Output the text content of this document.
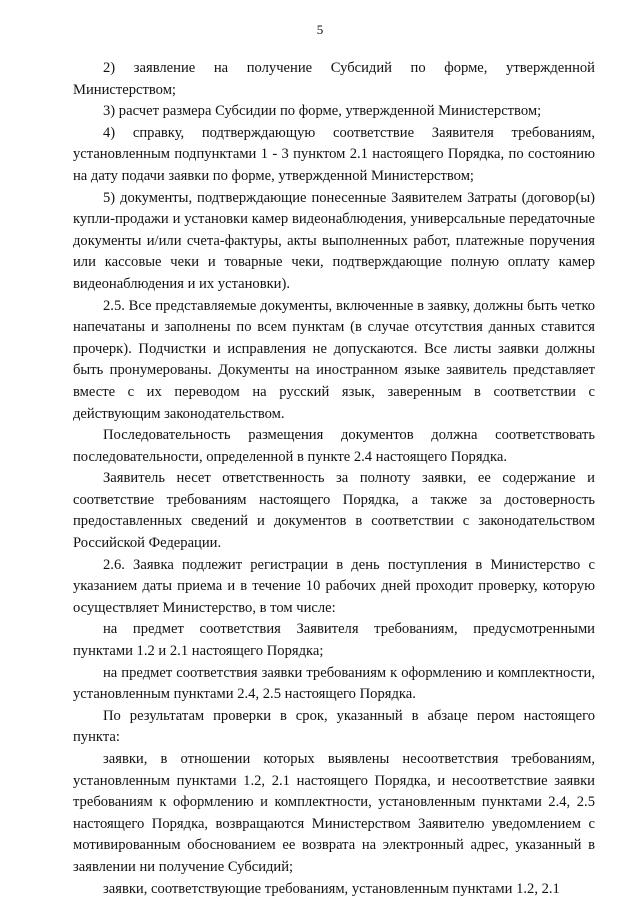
5

2) заявление на получение Субсидий по форме, утвержденной Министерством;

3) расчет размера Субсидии по форме, утвержденной Министерством;

4) справку, подтверждающую соответствие Заявителя требованиям, установленным подпунктами 1 - 3 пунктом 2.1 настоящего Порядка, по состоянию на дату подачи заявки по форме, утвержденной Министерством;

5) документы, подтверждающие понесенные Заявителем Затраты (договор(ы) купли-продажи и установки камер видеонаблюдения, универсальные передаточные документы и/или счета-фактуры, акты выполненных работ, платежные поручения или кассовые чеки и товарные чеки, подтверждающие полную оплату камер видеонаблюдения и их установки).

2.5. Все представляемые документы, включенные в заявку, должны быть четко напечатаны и заполнены по всем пунктам (в случае отсутствия данных ставится прочерк). Подчистки и исправления не допускаются. Все листы заявки должны быть пронумерованы. Документы на иностранном языке заявитель представляет вместе с их переводом на русский язык, заверенным в соответствии с действующим законодательством.

Последовательность размещения документов должна соответствовать последовательности, определенной в пункте 2.4 настоящего Порядка.

Заявитель несет ответственность за полноту заявки, ее содержание и соответствие требованиям настоящего Порядка, а также за достоверность предоставленных сведений и документов в соответствии с законодательством Российской Федерации.

2.6. Заявка подлежит регистрации в день поступления в Министерство с указанием даты приема и в течение 10 рабочих дней проходит проверку, которую осуществляет Министерство, в том числе:

на предмет соответствия Заявителя требованиям, предусмотренными пунктами 1.2 и 2.1 настоящего Порядка;

на предмет соответствия заявки требованиям к оформлению и комплектности, установленным пунктами 2.4, 2.5 настоящего Порядка.

По результатам проверки в срок, указанный в абзаце пером настоящего пункта:

заявки, в отношении которых выявлены несоответствия требованиям, установленным пунктами 1.2, 2.1 настоящего Порядка, и несоответствие заявки требованиям к оформлению и комплектности, установленным пунктами 2.4, 2.5 настоящего Порядка, возвращаются Министерством Заявителю уведомлением с мотивированным обоснованием ее возврата на электронный адрес, указанный в заявлении ни получение Субсидий;

заявки, соответствующие требованиям, установленным пунктами 1.2, 2.1
